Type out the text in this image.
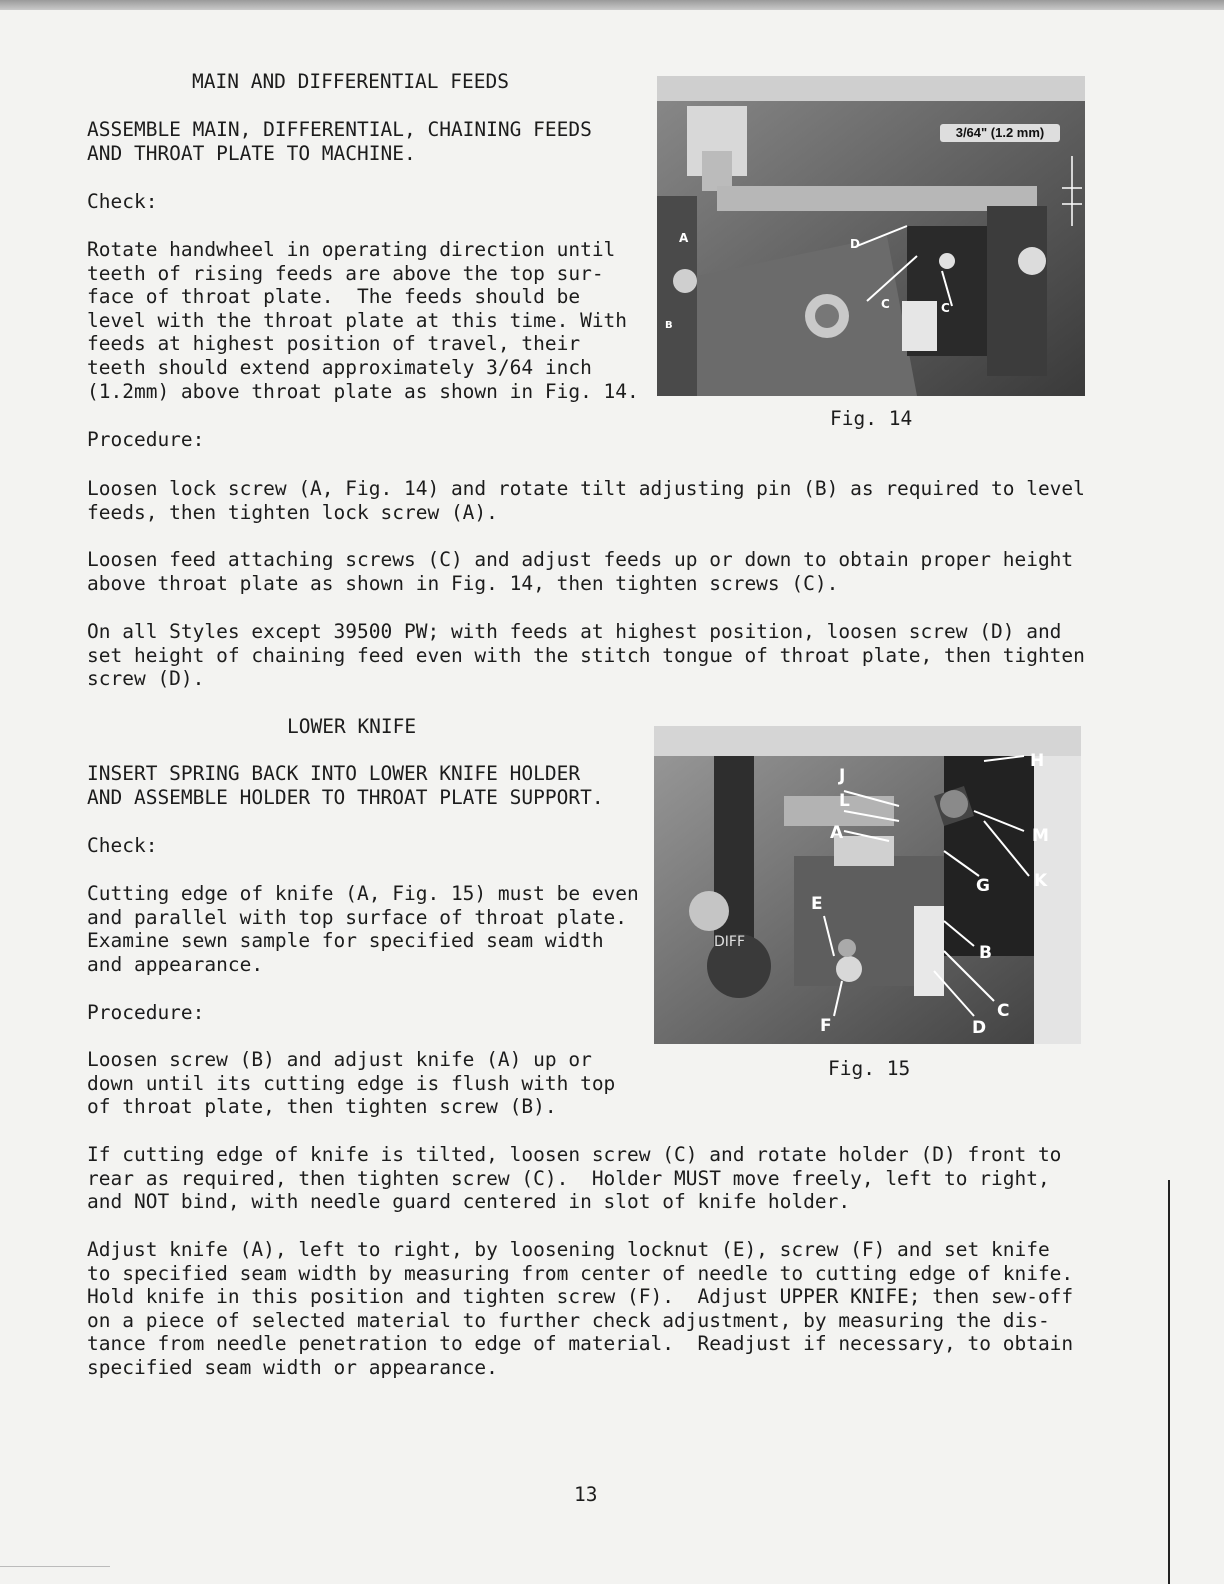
MAIN AND DIFFERENTIAL FEEDS

ASSEMBLE MAIN, DIFFERENTIAL, CHAINING FEEDS
AND THROAT PLATE TO MACHINE.

Check:

Rotate handwheel in operating direction until
teeth of rising feeds are above the top sur-
face of throat plate.  The feeds should be
level with the throat plate at this time. With
feeds at highest position of travel, their
teeth should extend approximately 3/64 inch
(1.2mm) above throat plate as shown in Fig. 14.

Procedure:

3/64" (1.2 mm)
A
B
C	C
D

Fig. 14

Loosen lock screw (A, Fig. 14) and rotate tilt adjusting pin (B) as required to level
feeds, then tighten lock screw (A).

Loosen feed attaching screws (C) and adjust feeds up or down to obtain proper height
above throat plate as shown in Fig. 14, then tighten screws (C).

On all Styles except 39500 PW; with feeds at highest position, loosen screw (D) and
set height of chaining feed even with the stitch tongue of throat plate, then tighten
screw (D).

LOWER KNIFE

INSERT SPRING BACK INTO LOWER KNIFE HOLDER
AND ASSEMBLE HOLDER TO THROAT PLATE SUPPORT.

Check:

Cutting edge of knife (A, Fig. 15) must be even
and parallel with top surface of throat plate.
Examine sewn sample for specified seam width
and appearance.

Procedure:

Loosen screw (B) and adjust knife (A) up or
down until its cutting edge is flush with top
of throat plate, then tighten screw (B).

DIFF
A
B
C
D
E
F
G
H
J
K
L
M

Fig. 15

If cutting edge of knife is tilted, loosen screw (C) and rotate holder (D) front to
rear as required, then tighten screw (C).  Holder MUST move freely, left to right,
and NOT bind, with needle guard centered in slot of knife holder.

Adjust knife (A), left to right, by loosening locknut (E), screw (F) and set knife
to specified seam width by measuring from center of needle to cutting edge of knife.
Hold knife in this position and tighten screw (F).  Adjust UPPER KNIFE; then sew-off
on a piece of selected material to further check adjustment, by measuring the dis-
tance from needle penetration to edge of material.  Readjust if necessary, to obtain
specified seam width or appearance.

13
